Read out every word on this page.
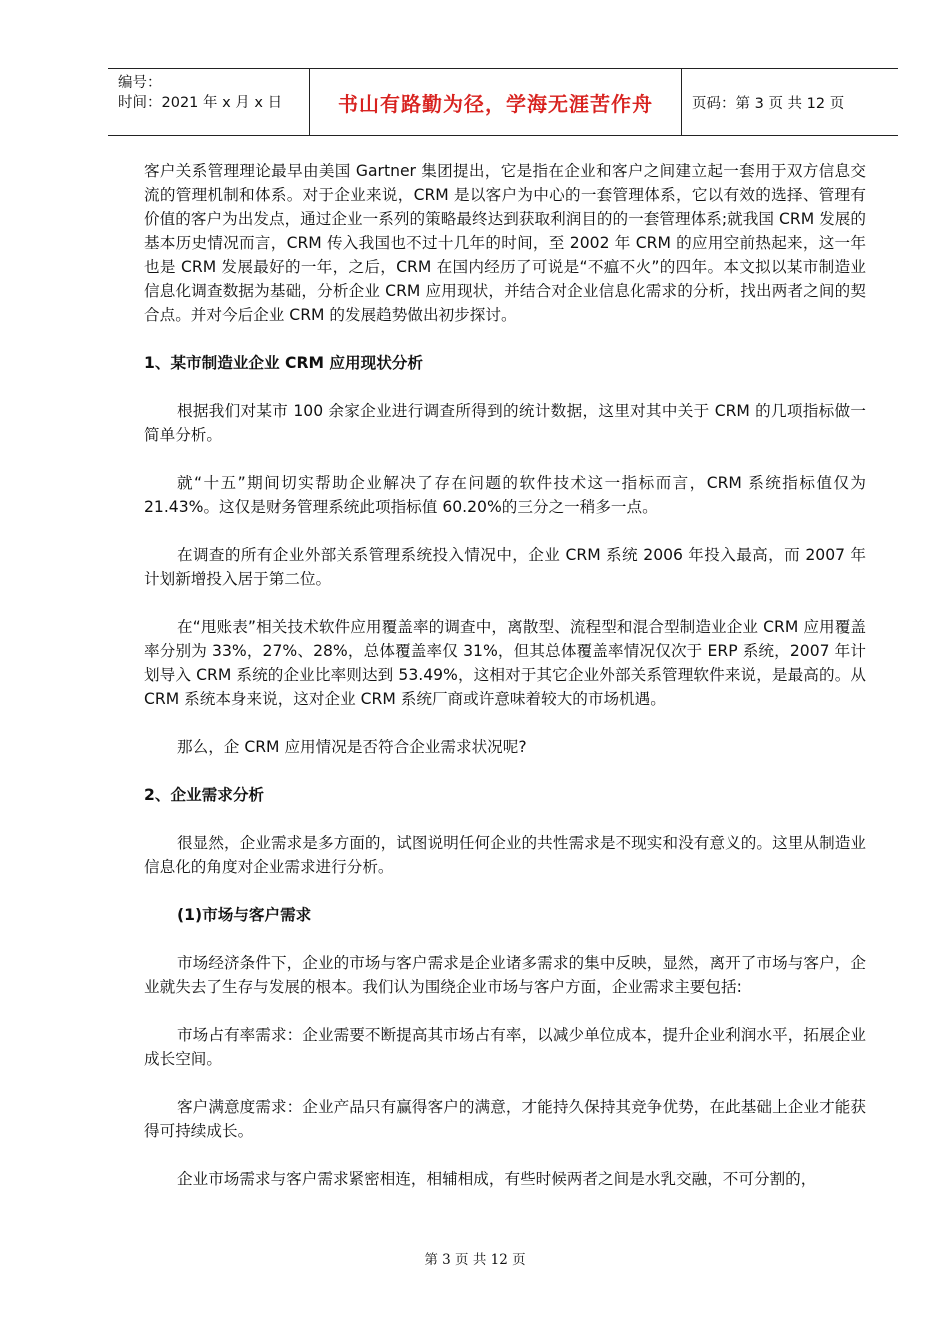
编号：
时间：2021 年 x 月 x 日	书山有路勤为径，学海无涯苦作舟	页码：第 3 页 共 12 页

客户关系管理理论最早由美国 Gartner 集团提出，它是指在企业和客户之间建立起一套用于双方信息交流的管理机制和体系。对于企业来说，CRM 是以客户为中心的一套管理体系，它以有效的选择、管理有价值的客户为出发点，通过企业一系列的策略最终达到获取利润目的的一套管理体系;就我国 CRM 发展的基本历史情况而言，CRM 传入我国也不过十几年的时间，至 2002 年 CRM 的应用空前热起来，这一年也是 CRM 发展最好的一年，之后，CRM 在国内经历了可说是“不瘟不火”的四年。本文拟以某市制造业信息化调查数据为基础，分析企业 CRM 应用现状，并结合对企业信息化需求的分析，找出两者之间的契合点。并对今后企业 CRM 的发展趋势做出初步探讨。

1、某市制造业企业 CRM 应用现状分析

根据我们对某市 100 余家企业进行调查所得到的统计数据，这里对其中关于 CRM 的几项指标做一简单分析。

就“十五”期间切实帮助企业解决了存在问题的软件技术这一指标而言，CRM 系统指标值仅为 21.43%。这仅是财务管理系统此项指标值 60.20%的三分之一稍多一点。

在调查的所有企业外部关系管理系统投入情况中，企业 CRM 系统 2006 年投入最高，而 2007 年计划新增投入居于第二位。

在“甩账表”相关技术软件应用覆盖率的调查中，离散型、流程型和混合型制造业企业 CRM 应用覆盖率分别为 33%，27%、28%，总体覆盖率仅 31%，但其总体覆盖率情况仅次于 ERP 系统，2007 年计划导入 CRM 系统的企业比率则达到 53.49%，这相对于其它企业外部关系管理软件来说，是最高的。从 CRM 系统本身来说，这对企业 CRM 系统厂商或许意味着较大的市场机遇。

那么，企 CRM 应用情况是否符合企业需求状况呢?

2、企业需求分析

很显然，企业需求是多方面的，试图说明任何企业的共性需求是不现实和没有意义的。这里从制造业信息化的角度对企业需求进行分析。

(1)市场与客户需求

市场经济条件下，企业的市场与客户需求是企业诸多需求的集中反映，显然，离开了市场与客户，企业就失去了生存与发展的根本。我们认为围绕企业市场与客户方面，企业需求主要包括:

市场占有率需求：企业需要不断提高其市场占有率，以减少单位成本，提升企业利润水平，拓展企业成长空间。

客户满意度需求：企业产品只有赢得客户的满意，才能持久保持其竞争优势，在此基础上企业才能获得可持续成长。

企业市场需求与客户需求紧密相连，相辅相成，有些时候两者之间是水乳交融，不可分割的，

第 3 页 共 12 页
